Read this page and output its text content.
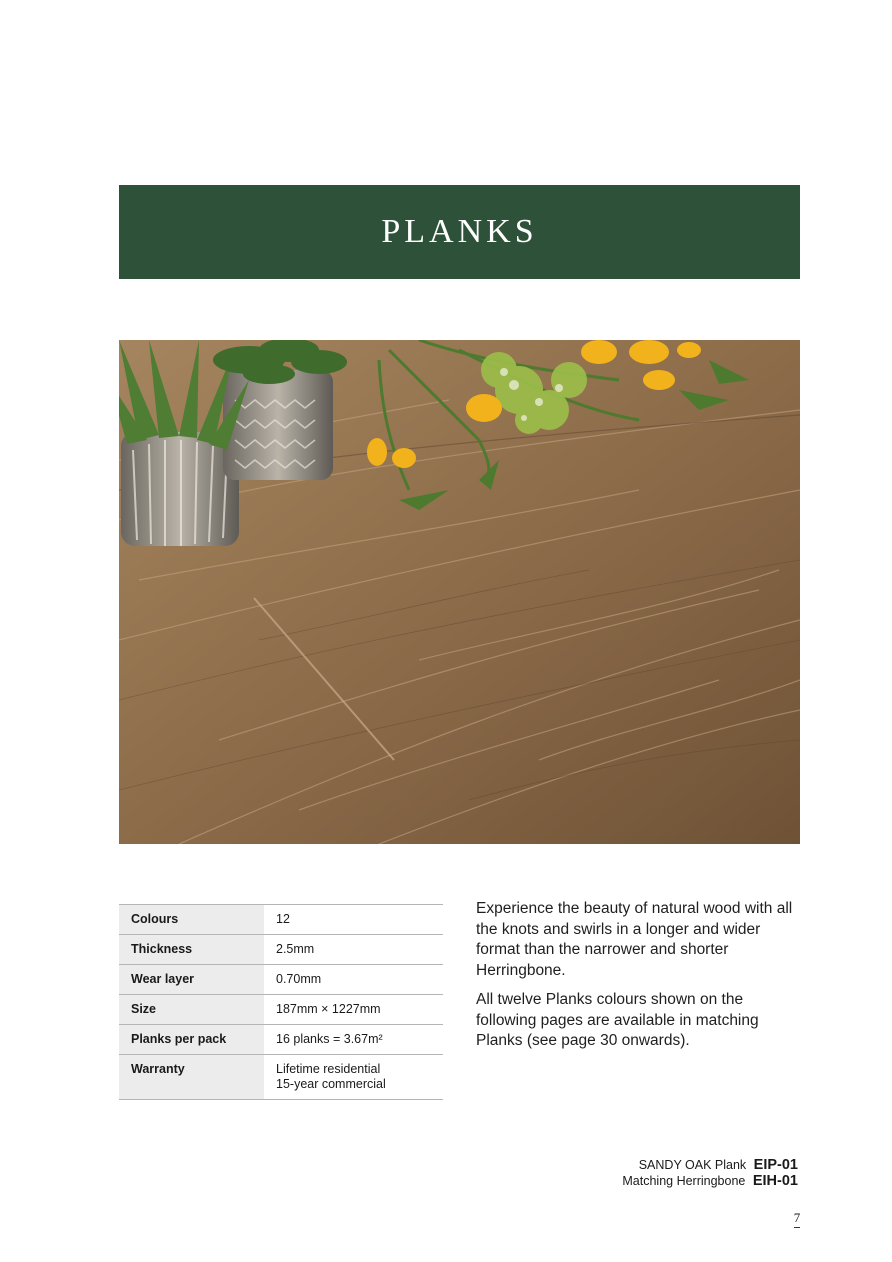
PLANKS
Colours	12

Thickness	2.5mm

Wear layer	0.70mm

Size	187mm × 1227mm

Planks per pack	16 planks = 3.67m²

Warranty	Lifetime residential
15-year commercial

Experience the beauty of natural wood with all the knots and swirls in a longer and wider format than the narrower and shorter Herringbone.

All twelve Planks colours shown on the following pages are available in matching Planks (see page 30 onwards).

SANDY OAK Plank EIP-01
Matching Herringbone EIH-01
7
